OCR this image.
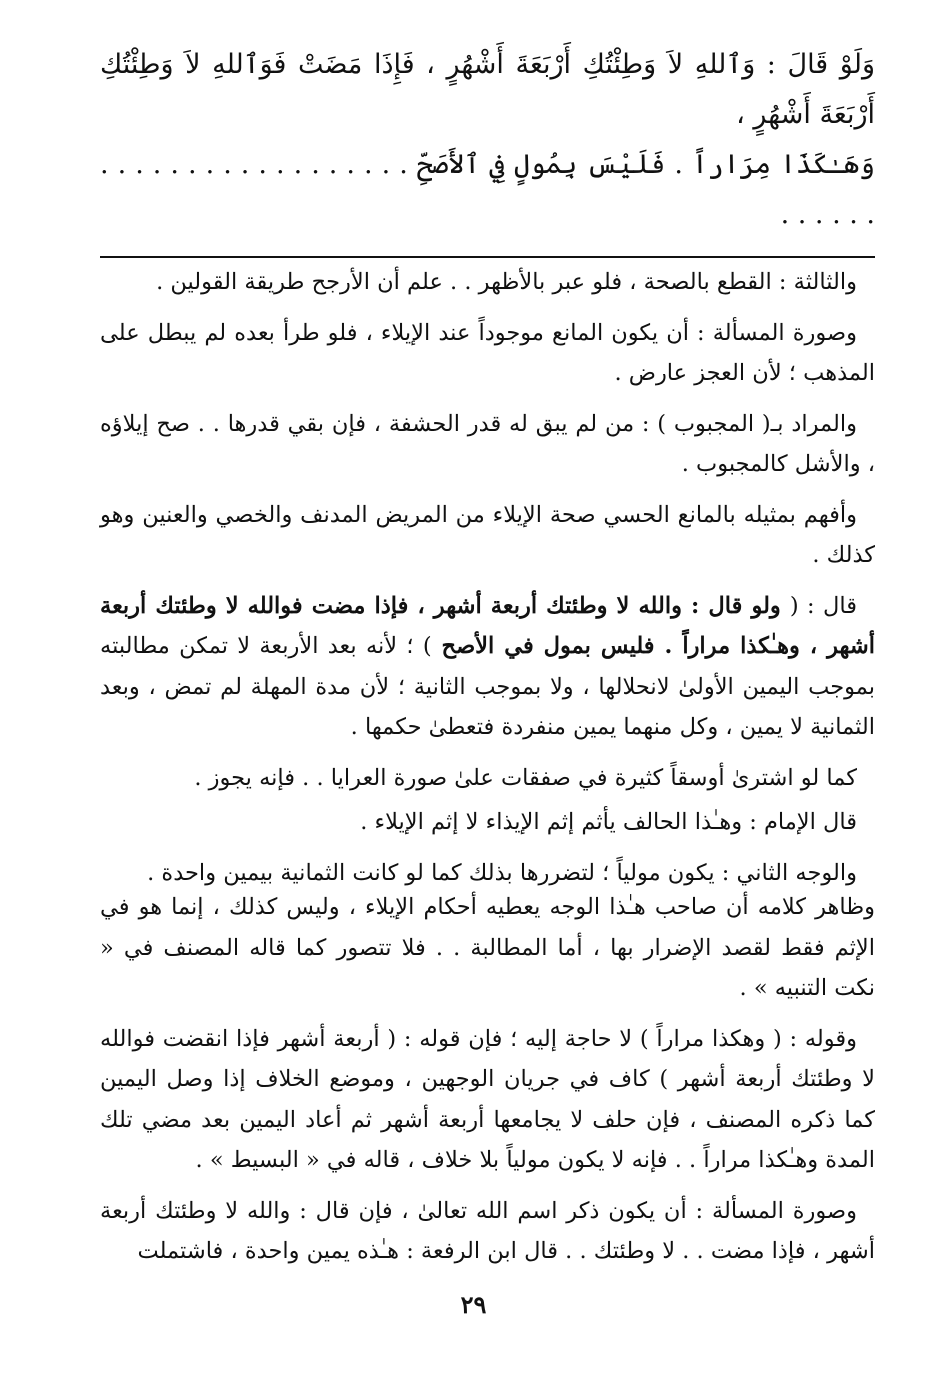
وَلَوْ قَالَ : وَٱللهِ لاَ وَطِئْتُكِ أَرْبَعَةَ أَشْهُرٍ ، فَإِذَا مَضَتْ فَوَٱللهِ لاَ وَطِئْتُكِ أَرْبَعَةَ أَشْهُرٍ ،
وَهَـٰكَذَا مِرَاراً . فَلَيْسَ بِمُولٍ فِي ٱلأَصَحِّ . . . . . . . . . . . . . . . . . . . . . . . .

والثالثة : القطع بالصحة ، فلو عبر بالأظهر . . علم أن الأرجح طريقة القولين .

وصورة المسألة : أن يكون المانع موجوداً عند الإيلاء ، فلو طرأ بعده لم يبطل على المذهب ؛ لأن العجز عارض .

والمراد بـ( المجبوب ) : من لم يبق له قدر الحشفة ، فإن بقي قدرها . . صح إيلاؤه ، والأشل كالمجبوب .

وأفهم بمثيله بالمانع الحسي صحة الإيلاء من المريض المدنف والخصي والعنين وهو كذلك .

قال : ( ولو قال : والله لا وطئتك أربعة أشهر ، فإذا مضت فوالله لا وطئتك أربعة أشهر ، وهـٰكذا مراراً . فليس بمول في الأصح ) ؛ لأنه بعد الأربعة لا تمكن مطالبته بموجب اليمين الأولىٰ لانحلالها ، ولا بموجب الثانية ؛ لأن مدة المهلة لم تمض ، وبعد الثمانية لا يمين ، وكل منهما يمين منفردة فتعطىٰ حكمها .

كما لو اشترىٰ أوسقاً كثيرة في صفقات علىٰ صورة العرايا . . فإنه يجوز .

قال الإمام : وهـٰذا الحالف يأثم إثم الإيذاء لا إثم الإيلاء .

والوجه الثاني : يكون مولياً ؛ لتضررها بذلك كما لو كانت الثمانية بيمين واحدة .

وظاهر كلامه أن صاحب هـٰذا الوجه يعطيه أحكام الإيلاء ، وليس كذلك ، إنما هو في الإثم فقط لقصد الإضرار بها ، أما المطالبة . . فلا تتصور كما قاله المصنف في « نكت التنبيه » .

وقوله : ( وهكذا مراراً ) لا حاجة إليه ؛ فإن قوله : ( أربعة أشهر فإذا انقضت فوالله لا وطئتك أربعة أشهر ) كاف في جريان الوجهين ، وموضع الخلاف إذا وصل اليمين كما ذكره المصنف ، فإن حلف لا يجامعها أربعة أشهر ثم أعاد اليمين بعد مضي تلك المدة وهـٰكذا مراراً . . فإنه لا يكون مولياً بلا خلاف ، قاله في « البسيط » .

وصورة المسألة : أن يكون ذكر اسم الله تعالىٰ ، فإن قال : والله لا وطئتك أربعة أشهر ، فإذا مضت . . لا وطئتك . . قال ابن الرفعة : هـٰذه يمين واحدة ، فاشتملت

٢٩
